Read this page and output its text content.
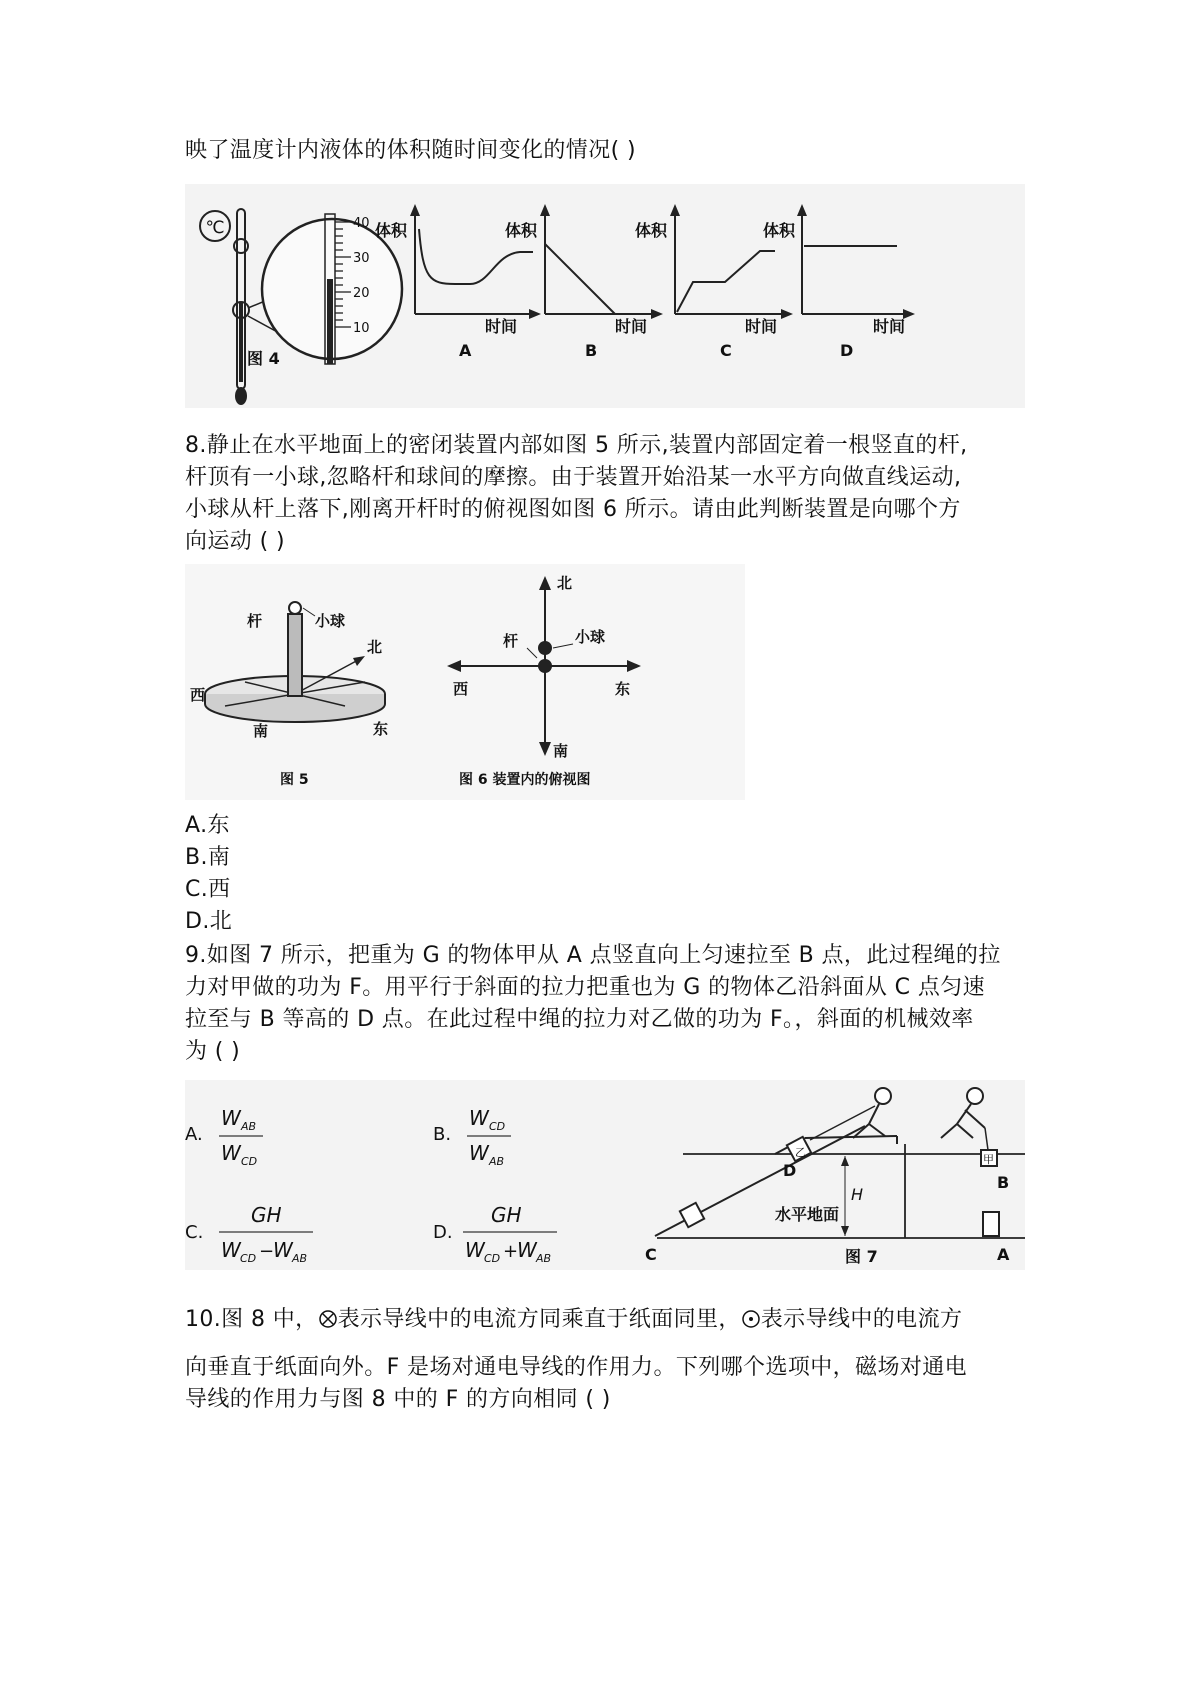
映了温度计内液体的体积随时间变化的情况( )
℃	40
30
20
10
图 4
体积
时间
A
体积
时间
B
体积
时间
C
体积
时间
D
8.静止在水平地面上的密闭装置内部如图 5 所示,装置内部固定着一根竖直的杆,
杆顶有一小球,忽略杆和球间的摩擦。由于装置开始沿某一水平方向做直线运动,
小球从杆上落下,刚离开杆时的俯视图如图 6 所示。请由此判断装置是向哪个方
向运动 ( )
杆	小球
北
西
东
南
图 5
北
杆	小球
西	东
南
图 6 装置内的俯视图
A.东
B.南
C.西
D.北
9.如图 7 所示，把重为 G 的物体甲从 A 点竖直向上匀速拉至 B 点，此过程绳的拉
力对甲做的功为 F。用平行于斜面的拉力把重也为 G 的物体乙沿斜面从 C 点匀速
拉至与 B 等高的 D 点。在此过程中绳的拉力对乙做的功为 F。，斜面的机械效率
为 ( )
A.
W AB
W CD
B.
W CD
W AB
C.
GH
W CD −
W AB
D.
GH
W CD +
W AB
D
B
C	A
乙
甲
H
水平地面
图 7
10.图 8 中， 表示导线中的电流方同乘直于纸面同里， 表示导线中的电流方
向垂直于纸面向外。F 是场对通电导线的作用力。下列哪个选项中，磁场对通电
导线的作用力与图 8 中的 F 的方向相同 ( )
